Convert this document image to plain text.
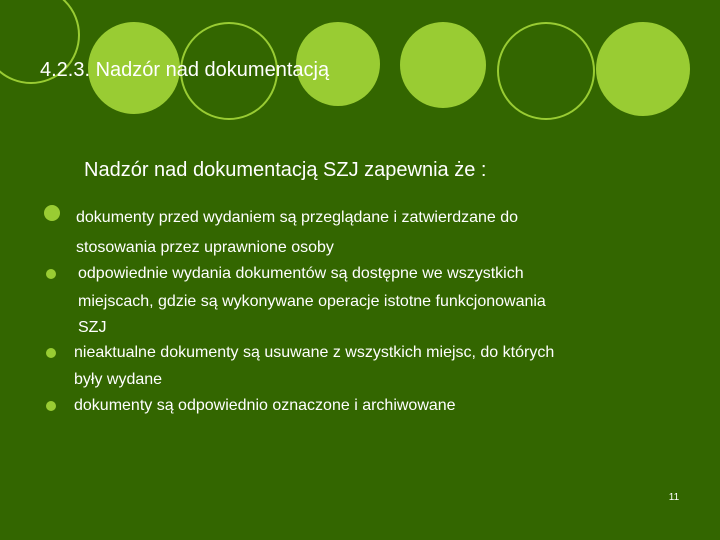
4.2.3. Nadzór nad dokumentacją
Nadzór nad dokumentacją SZJ zapewnia że :
dokumenty przed wydaniem są przeglądane i zatwierdzane do
stosowania przez uprawnione osoby
odpowiednie wydania dokumentów są dostępne we wszystkich
miejscach, gdzie są wykonywane operacje istotne funkcjonowania
SZJ
nieaktualne dokumenty są usuwane z wszystkich miejsc, do których
były wydane
dokumenty są odpowiednio oznaczone i archiwowane
11
